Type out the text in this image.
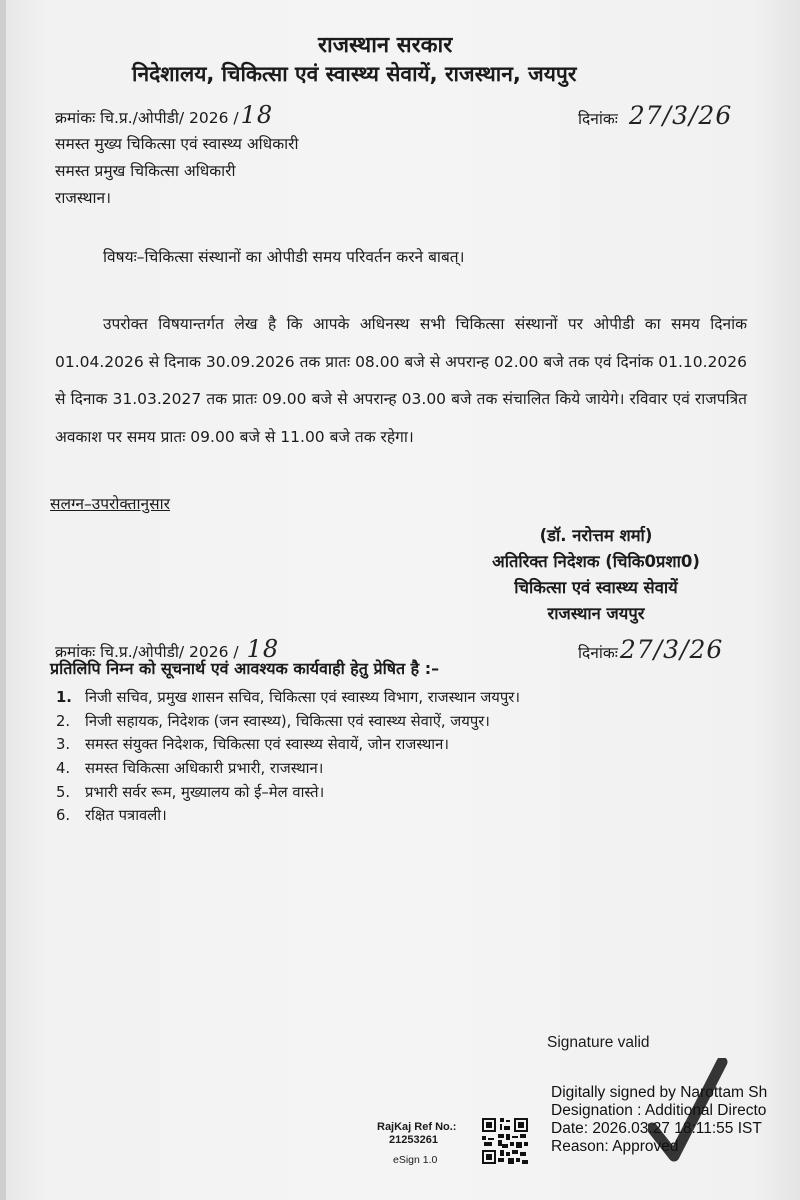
राजस्थान सरकार
निदेशालय, चिकित्सा एवं स्वास्थ्य सेवायें, राजस्थान, जयपुर
क्रमांकः चि.प्र./ओपीडी/ 2026 /18	दिनांकः 27/3/26
समस्त मुख्य चिकित्सा एवं स्वास्थ्य अधिकारी
समस्त प्रमुख चिकित्सा अधिकारी
राजस्थान।
विषयः–चिकित्सा संस्थानों का ओपीडी समय परिवर्तन करने बाबत्।
उपरोक्त विषयान्तर्गत लेख है कि आपके अधिनस्थ सभी चिकित्सा संस्थानों पर ओपीडी का समय दिनांक 01.04.2026 से दिनाक 30.09.2026 तक प्रातः 08.00 बजे से अपरान्ह 02.00 बजे तक एवं दिनांक 01.10.2026 से दिनाक 31.03.2027 तक प्रातः 09.00 बजे से अपरान्ह 03.00 बजे तक संचालित किये जायेगे। रविवार एवं राजपत्रित अवकाश पर समय प्रातः 09.00 बजे से 11.00 बजे तक रहेगा।
सलग्न–उपरोक्तानुसार
(डॉ. नरोत्तम शर्मा)
अतिरिक्त निदेशक (चिकि0प्रशा0)
चिकित्सा एवं स्वास्थ्य सेवायें
राजस्थान जयपुर
क्रमांकः चि.प्र./ओपीडी/ 2026 / 18	दिनांकः27/3/26
प्रतिलिपि निम्न को सूचनार्थ एवं आवश्यक कार्यवाही हेतु प्रेषित है :–
1. निजी सचिव, प्रमुख शासन सचिव, चिकित्सा एवं स्वास्थ्य विभाग, राजस्थान जयपुर।
2. निजी सहायक, निदेशक (जन स्वास्थ्य), चिकित्सा एवं स्वास्थ्य सेवाऐं, जयपुर।
3. समस्त संयुक्त निदेशक, चिकित्सा एवं स्वास्थ्य सेवायें, जोन राजस्थान।
4. समस्त चिकित्सा अधिकारी प्रभारी, राजस्थान।
5. प्रभारी सर्वर रूम, मुख्यालय को ई–मेल वास्ते।
6. रक्षित पत्रावली।
Signature valid
Digitally signed by Narottam Sh
Designation : Additional Directo
Date: 2026.03.27 18:11:55 IST
Reason: Approved
RajKaj Ref No.:
21253261
eSign 1.0
